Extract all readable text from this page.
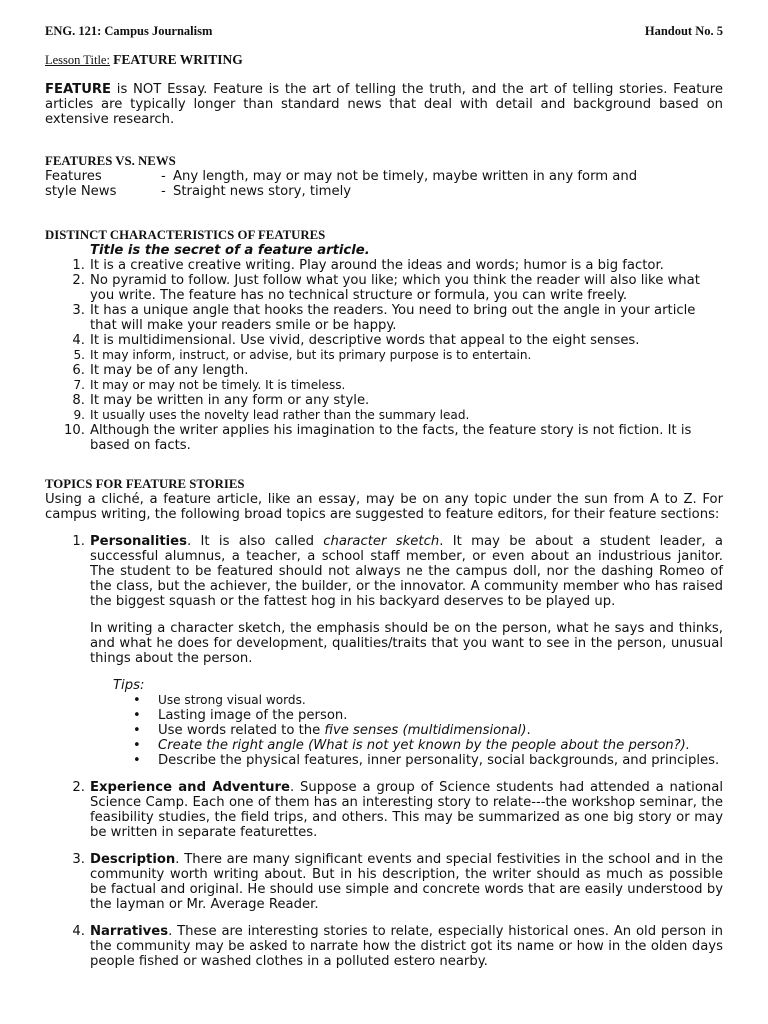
ENG. 121: Campus Journalism	Handout No. 5
Lesson Title: FEATURE WRITING
FEATURE is NOT Essay. Feature is the art of telling the truth, and the art of telling stories. Feature articles are typically longer than standard news that deal with detail and background based on extensive research.
FEATURES VS. NEWS
Features	- Any length, may or may not be timely, maybe written in any form and
style News	- Straight news story, timely
DISTINCT CHARACTERISTICS OF FEATURES
Title is the secret of a feature article.
1. It is a creative creative writing. Play around the ideas and words; humor is a big factor.
2. No pyramid to follow. Just follow what you like; which you think the reader will also like what you write. The feature has no technical structure or formula, you can write freely.
3. It has a unique angle that hooks the readers. You need to bring out the angle in your article that will make your readers smile or be happy.
4. It is multidimensional. Use vivid, descriptive words that appeal to the eight senses.
5. It may inform, instruct, or advise, but its primary purpose is to entertain.
6. It may be of any length.
7. It may or may not be timely. It is timeless.
8. It may be written in any form or any style.
9. It usually uses the novelty lead rather than the summary lead.
10. Although the writer applies his imagination to the facts, the feature story is not fiction. It is based on facts.
TOPICS FOR FEATURE STORIES
Using a cliché, a feature article, like an essay, may be on any topic under the sun from A to Z. For campus writing, the following broad topics are suggested to feature editors, for their feature sections:
1. Personalities. It is also called character sketch. It may be about a student leader, a successful alumnus, a teacher, a school staff member, or even about an industrious janitor. The student to be featured should not always ne the campus doll, nor the dashing Romeo of the class, but the achiever, the builder, or the innovator. A community member who has raised the biggest squash or the fattest hog in his backyard deserves to be played up.
In writing a character sketch, the emphasis should be on the person, what he says and thinks, and what he does for development, qualities/traits that you want to see in the person, unusual things about the person.
Tips:
• Use strong visual words.
• Lasting image of the person.
• Use words related to the five senses (multidimensional).
• Create the right angle (What is not yet known by the people about the person?).
• Describe the physical features, inner personality, social backgrounds, and principles.
2. Experience and Adventure. Suppose a group of Science students had attended a national Science Camp. Each one of them has an interesting story to relate---the workshop seminar, the feasibility studies, the field trips, and others. This may be summarized as one big story or may be written in separate featurettes.
3. Description. There are many significant events and special festivities in the school and in the community worth writing about. But in his description, the writer should as much as possible be factual and original. He should use simple and concrete words that are easily understood by the layman or Mr. Average Reader.
4. Narratives. These are interesting stories to relate, especially historical ones. An old person in the community may be asked to narrate how the district got its name or how in the olden days people fished or washed clothes in a polluted estero nearby.
